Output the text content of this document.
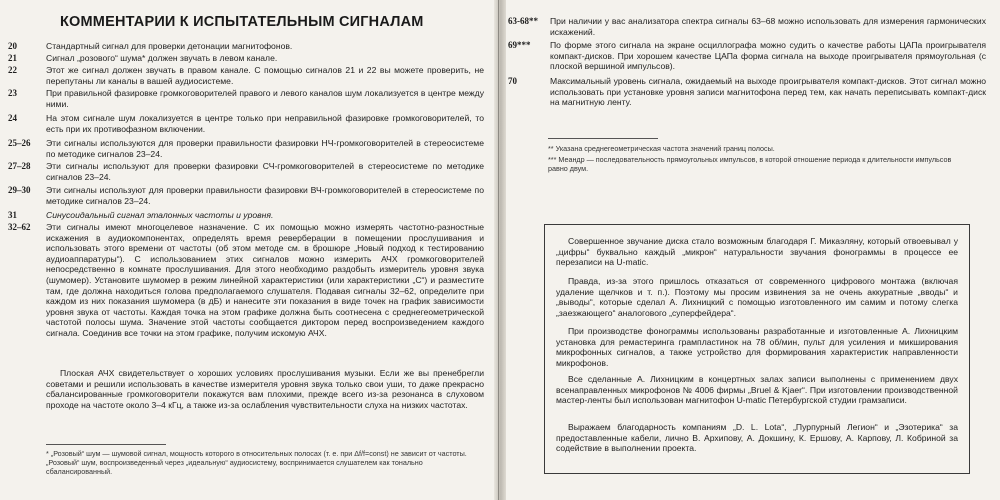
КОММЕНТАРИИ К ИСПЫТАТЕЛЬНЫМ СИГНАЛАМ
20	Стандартный сигнал для проверки детонации магнитофонов.
21	Сигнал „розового“ шума* должен звучать в левом канале.
22	Этот же сигнал должен звучать в правом канале. С помощью сигналов 21 и 22 вы можете проверить, не перепутаны ли каналы в вашей аудиосистеме.
23	При правильной фазировке громкоговорителей правого и левого каналов шум локализуется в центре между ними.
24	На этом сигнале шум локализуется в центре только при неправильной фазировке громкоговорителей, то есть при их противофазном включении.
25–26 Эти сигналы используются для проверки правильности фазировки НЧ-громкоговорителей в стереосистеме по методике сигналов 23–24.
27–28 Эти сигналы используют для проверки фазировки СЧ-громкоговорителей в стереосистеме по методике сигналов 23–24.
29–30 Эти сигналы используют для проверки правильности фазировки ВЧ-громкоговорителей в стереосистеме по методике сигналов 23–24.
31	Синусоидальный сигнал эталонных частоты и уровня.
32–62 Эти сигналы имеют многоцелевое назначение. С их помощью можно измерять частотно-разностные искажения в аудиокомпонентах, определять время реверберации в помещении прослушивания и использовать этого времени от частоты (об этом методе см. в брошюре „Новый подход к тестированию аудиоаппаратуры“). С использованием этих сигналов можно измерить АЧХ громкоговорителей непосредственно в комнате прослушивания. Для этого необходимо раздобыть измеритель уровня звука (шумомер). Установите шумомер в режим линейной характеристики (или характеристики „С“) и разместите там, где должна находиться голова предполагаемого слушателя. Подавая сигналы 32–62, определите при каждом из них показания шумомера (в дБ) и нанесите эти показания в виде точек на график зависимости уровня звука от частоты. Каждая точка на этом графике должна быть соотнесена с среднегеометрической частотой полосы шума. Значение этой частоты сообщается диктором перед воспроизведением каждого сигнала. Соединив все точки на этом графике, получим искомую АЧХ.
Плоская АЧХ свидетельствует о хороших условиях прослушивания музыки. Если же вы пренебрегли советами и решили использовать в качестве измерителя уровня звука только свои уши, то даже прекрасно сбалансированные громкоговорители покажутся вам плохими, прежде всего из-за резонанса в слуховом проходе на частоте около 3–4 кГц, а также из-за ослабления чувствительности слуха на низких частотах.
* „Розовый“ шум — шумовой сигнал, мощность которого в относительных полосах (т. е. при Δf/f=const) не зависит от частоты. „Розовый“ шум, воспроизведенный через „идеальную“ аудиосистему, воспринимается слушателем как тонально сбалансированный.
63-68** При наличии у вас анализатора спектра сигналы 63–68 можно использовать для измерения гармонических искажений.
69*** По форме этого сигнала на экране осциллографа можно судить о качестве работы ЦАПа проигрывателя компакт-дисков. При хорошем качестве ЦАПа форма сигнала на выходе проигрывателя прямоугольная (с плоской вершиной импульсов).
70	Максимальный уровень сигнала, ожидаемый на выходе проигрывателя компакт-дисков. Этот сигнал можно использовать при установке уровня записи магнитофона перед тем, как начать переписывать компакт-диск на магнитную ленту.
** Указана среднегеометрическая частота значений границ полосы.
*** Меандр — последовательность прямоугольных импульсов, в которой отношение периода к длительности импульсов равно двум.
Совершенное звучание диска стало возможным благодаря Г. Микаэляну, который отвоевывал у „цифры“ буквально каждый „микрон“ натуральности звучания фонограммы в процессе ее перезаписи на U-matic.
Правда, из-за этого пришлось отказаться от современного цифрового монтажа (включая удаление щелчков и т. п.). Поэтому мы просим извинения за не очень аккуратные „вводы“ и „выводы“, которые сделал А. Лихницкий с помощью изготовленного им самим и потому слегка „заезжающего“ аналогового „суперфейдера“.
При производстве фонограммы использованы разработанные и изготовленные А. Лихницким установка для ремастеринга грампластинок на 78 об/мин, пульт для усиления и микширования микрофонных сигналов, а также устройство для формирования характеристик направленности микрофонов.
Все сделанные А. Лихницким в концертных залах записи выполнены с применением двух всенаправленных микрофонов № 4006 фирмы „Bruel & Kjaer“. При изготовлении производственной мастер-ленты был использован магнитофон U-matic Петербургской студии грамзаписи.
Выражаем благодарность компаниям „D. L. Lota“, „Пурпурный Легион“ и „Эзотерика“ за предоставленные кабели, лично В. Архипову, А. Докшину, К. Ершову, А. Карпову, Л. Кобриной за содействие в выполнении проекта.
